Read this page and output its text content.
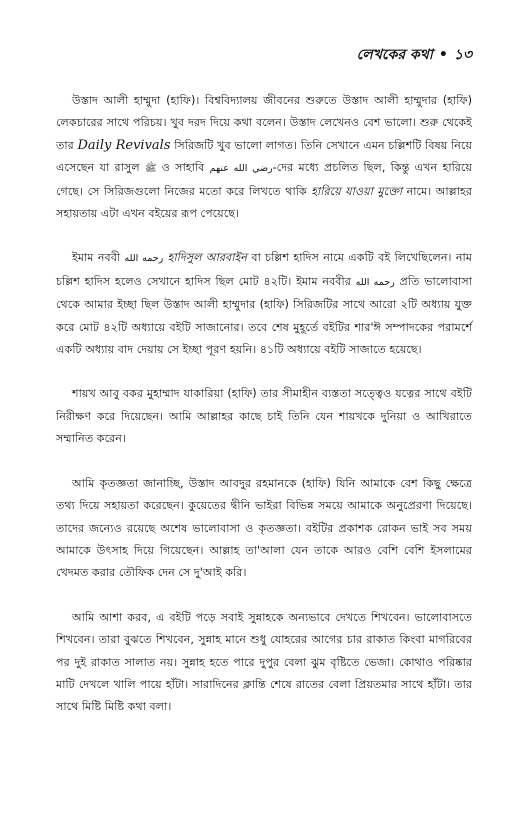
লেখকের কথা • ১৩

উস্তাদ আলী হাম্মুদা (হাফি)। বিশ্ববিদ্যালয় জীবনের শুরুতে উস্তাদ আলী হাম্মুদার (হাফি) লেকচারের সাথে পরিচয়। খুব দরদ দিয়ে কথা বলেন। উস্তাদ লেখেনও বেশ ভালো। শুরু থেকেই তার Daily Revivals সিরিজটি খুব ভালো লাগত। তিনি সেখানে এমন চল্লিশটি বিষয় নিয়ে এসেছেন যা রাসুল ﷺ ও সাহাবি رضي الله عنهم-দের মধ্যে প্রচলিত ছিল, কিন্তু এখন হারিয়ে গেছে। সে সিরিজগুলো নিজের মতো করে লিখতে থাকি হারিয়ে যাওয়া মুক্তো নামে। আল্লাহর সহায়তায় এটা এখন বইয়ের রূপ পেয়েছে।

ইমাম নববী رحمه الله হাদিসুল আরবাইন বা চল্লিশ হাদিস নামে একটি বই লিখেছিলেন। নাম চল্লিশ হাদিস হলেও সেখানে হাদিস ছিল মোট ৪২টি। ইমাম নববীর رحمه الله প্রতি ভালোবাসা থেকে আমার ইচ্ছা ছিল উস্তাদ আলী হাম্মুদার (হাফি) সিরিজটির সাথে আরো ২টি অধ্যায় যুক্ত করে মোট ৪২টি অধ্যায়ে বইটি সাজানোর। তবে শেষ মুহূর্তে বইটির শার'ঈ সম্পাদকের পরামর্শে একটি অধ্যায় বাদ দেয়ায় সে ইচ্ছা পূরণ হয়নি। ৪১টি অধ্যায়ে বইটি সাজাতে হয়েছে।

শায়খ আবু বকর মুহাম্মাদ যাকারিয়া (হাফি) তার সীমাহীন ব্যস্ততা সত্ত্বেও যত্নের সাথে বইটি নিরীক্ষণ করে দিয়েছেন। আমি আল্লাহর কাছে চাই তিনি যেন শায়খকে দুনিয়া ও আখিরাতে সম্মানিত করেন।

আমি কৃতজ্ঞতা জানাচ্ছি, উস্তাদ আবদুর রহমানকে (হাফি) যিনি আমাকে বেশ কিছু ক্ষেত্রে তথ্য দিয়ে সহায়তা করেছেন। কুয়েতের দ্বীনি ভাইরা বিভিন্ন সময়ে আমাকে অনুপ্রেরণা দিয়েছে। তাদের জন্যেও রয়েছে অশেষ ভালোবাসা ও কৃতজ্ঞতা। বইটির প্রকাশক রোকন ভাই সব সময় আমাকে উৎসাহ দিয়ে গিয়েছেন। আল্লাহ তা'আলা যেন তাকে আরও বেশি বেশি ইসলামের খেদমত করার তৌফিক দেন সে দু'আই করি।

আমি আশা করব, এ বইটি পড়ে সবাই সুন্নাহকে অন্যভাবে দেখতে শিখবেন। ভালোবাসতে শিখবেন। তারা বুঝতে শিখবেন, সুন্নাহ মানে শুধু যোহরের আগের চার রাকাত কিংবা মাগরিবের পর দুই রাকাত সালাত নয়। সুন্নাহ হতে পারে দুপুর বেলা ঝুম বৃষ্টিতে ভেজা। কোথাও পরিষ্কার মাটি দেখলে খালি পায়ে হাঁটা। সারাদিনের ক্লান্তি শেষে রাতের বেলা প্রিয়তমার সাথে হাঁটা। তার সাথে মিষ্টি মিষ্টি কথা বলা।
